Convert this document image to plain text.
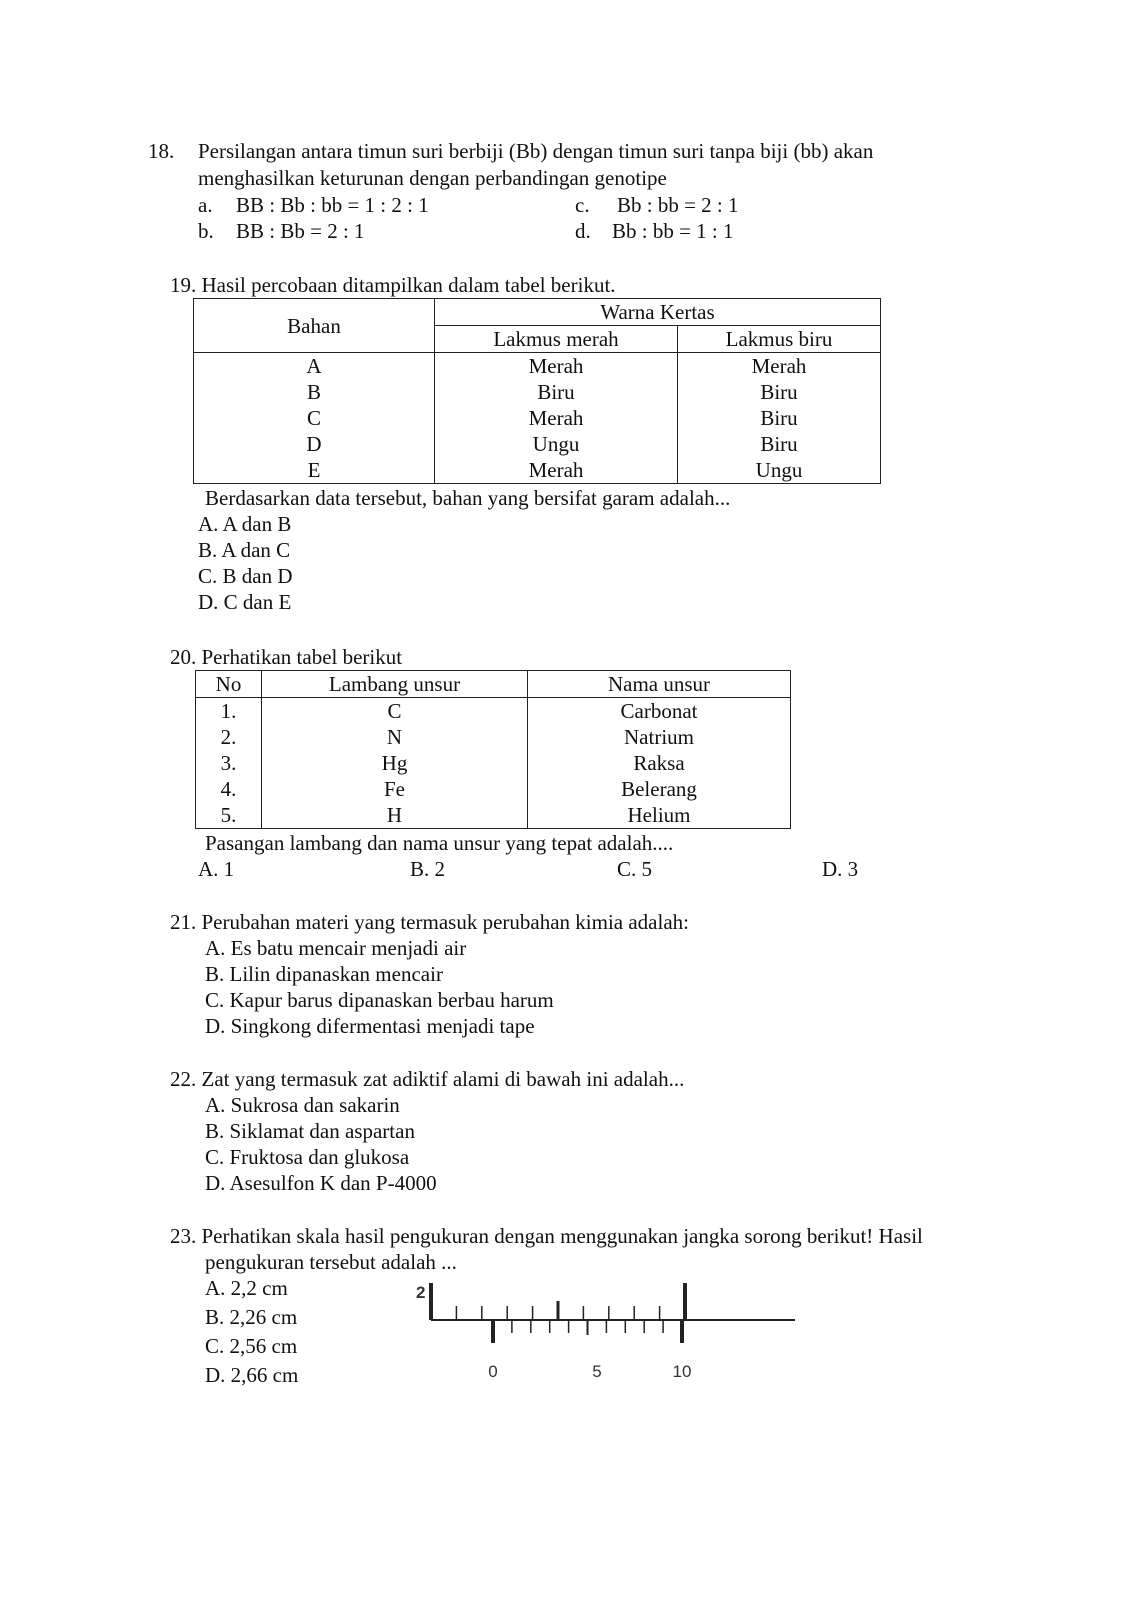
18. Persilangan antara timun suri berbiji (Bb) dengan timun suri tanpa biji (bb) akan
menghasilkan keturunan dengan perbandingan genotipe
a. BB : Bb : bb = 1 : 2 : 1
b. BB : Bb = 2 : 1
c. Bb : bb = 2 : 1
d. Bb : bb = 1 : 1
19. Hasil percobaan ditampilkan dalam tabel berikut.
Bahan	Warna Kertas	
	Lakmus merah	Lakmus biru
A	Merah	Merah
B	Biru	Biru
C	Merah	Biru
D	Ungu	Biru
E	Merah	Ungu
Berdasarkan data tersebut, bahan yang bersifat garam adalah...
A. A dan B
B. A dan C
C. B dan D
D. C dan E
20. Perhatikan tabel berikut
No	Lambang unsur	Nama unsur
1.	C	Carbonat
2.	N	Natrium
3.	Hg	Raksa
4.	Fe	Belerang
5.	H	Helium
Pasangan lambang dan nama unsur yang tepat adalah....
A. 1	B. 2	C. 5	D. 3
21. Perubahan materi yang termasuk perubahan kimia adalah:
A. Es batu mencair menjadi air
B. Lilin dipanaskan mencair
C. Kapur barus dipanaskan berbau harum
D. Singkong difermentasi menjadi tape
22. Zat yang termasuk zat adiktif alami di bawah ini adalah...
A. Sukrosa dan sakarin
B. Siklamat dan aspartan
C. Fruktosa dan glukosa
D. Asesulfon K dan P-4000
23. Perhatikan skala hasil pengukuran dengan menggunakan jangka sorong berikut! Hasil
pengukuran tersebut adalah ...
A. 2,2 cm
B. 2,26 cm
C. 2,56 cm
D. 2,66 cm
2
0	5	10
